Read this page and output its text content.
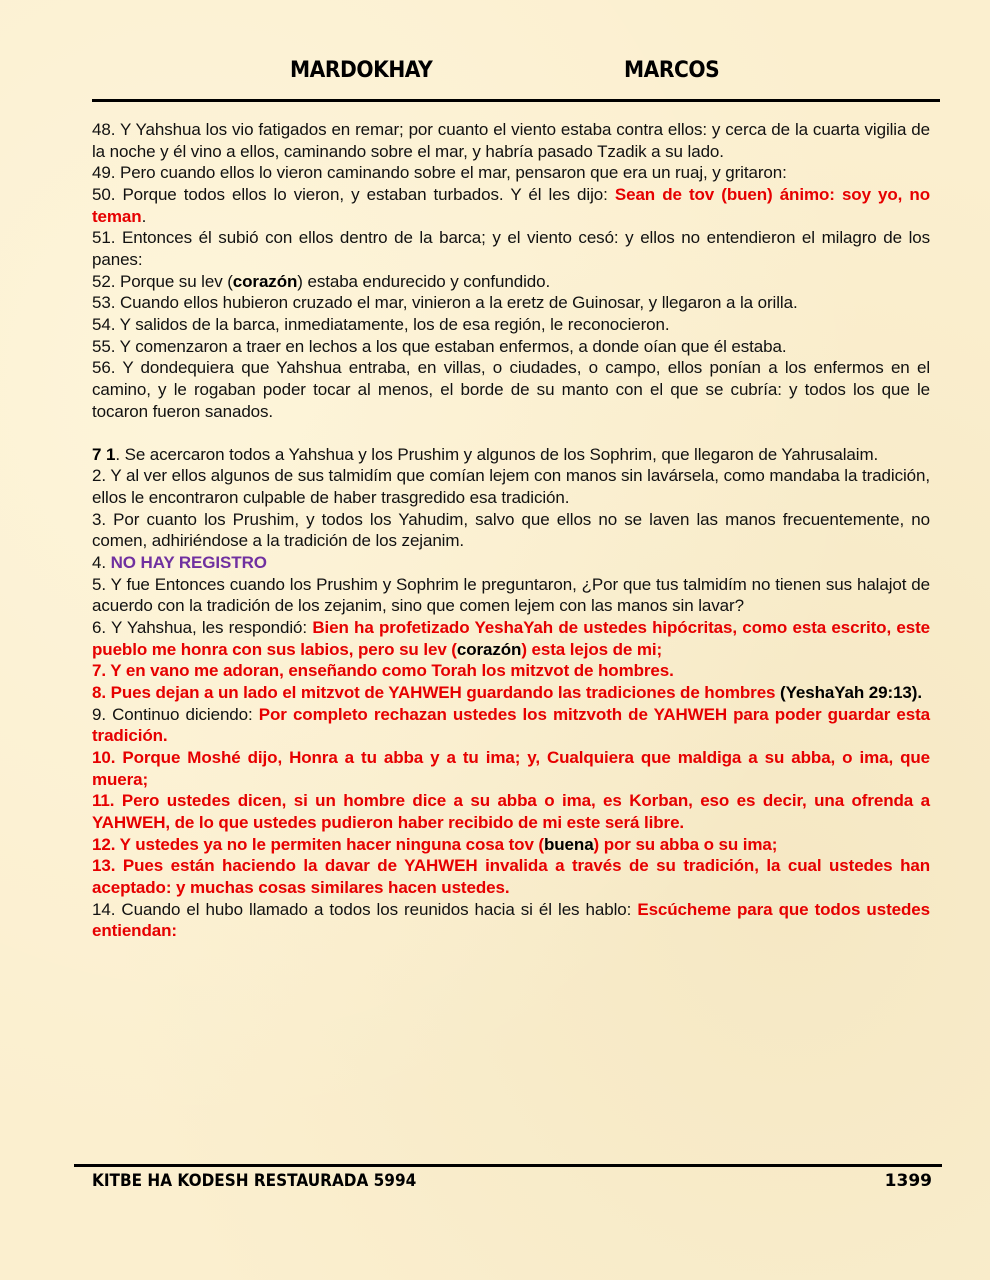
MARDOKHAY	MARCOS

48. Y Yahshua los vio fatigados en remar; por cuanto el viento estaba contra ellos: y cerca de la cuarta vigilia de la noche y él vino a ellos, caminando sobre el mar, y habría pasado Tzadik a su lado.

49. Pero cuando ellos lo vieron caminando sobre el mar, pensaron que era un ruaj, y gritaron:

50. Porque todos ellos lo vieron, y estaban turbados. Y él les dijo: Sean de tov (buen) ánimo: soy yo, no teman.

51. Entonces él subió con ellos dentro de la barca; y el viento cesó: y ellos no entendieron el milagro de los panes:

52. Porque su lev (corazón) estaba endurecido y confundido.

53. Cuando ellos hubieron cruzado el mar, vinieron a la eretz de Guinosar, y llegaron a la orilla.

54. Y salidos de la barca, inmediatamente, los de esa región, le reconocieron.

55. Y comenzaron a traer en lechos a los que estaban enfermos, a donde oían que él estaba.

56. Y dondequiera que Yahshua entraba, en villas, o ciudades, o campo, ellos ponían a los enfermos en el camino, y le rogaban poder tocar al menos, el borde de su manto con el que se cubría: y todos los que le tocaron fueron sanados.

7 1. Se acercaron todos a Yahshua y los Prushim y algunos de los Sophrim, que llegaron de Yahrusalaim.

2. Y al ver ellos algunos de sus talmidím que comían lejem con manos sin lavársela, como mandaba la tradición, ellos le encontraron culpable de haber trasgredido esa tradición.

3. Por cuanto los Prushim, y todos los Yahudim, salvo que ellos no se laven las manos frecuentemente, no comen, adhiriéndose a la tradición de los zejanim.

4. NO HAY REGISTRO

5. Y fue Entonces cuando los Prushim y Sophrim le preguntaron, ¿Por que tus talmidím no tienen sus halajot de acuerdo con la tradición de los zejanim, sino que comen lejem con las manos sin lavar?

6. Y Yahshua, les respondió: Bien ha profetizado YeshaYah de ustedes hipócritas, como esta escrito, este pueblo me honra con sus labios, pero su lev (corazón) esta lejos de mi;

7. Y en vano me adoran, enseñando como Torah los mitzvot de hombres.

8. Pues dejan a un lado el mitzvot de YAHWEH guardando las tradiciones de hombres (YeshaYah 29:13).

9. Continuo diciendo: Por completo rechazan ustedes los mitzvoth de YAHWEH para poder guardar esta tradición.

10. Porque Moshé dijo, Honra a tu abba y a tu ima; y, Cualquiera que maldiga a su abba, o ima, que muera;

11. Pero ustedes dicen, si un hombre dice a su abba o ima, es Korban, eso es decir, una ofrenda a YAHWEH, de lo que ustedes pudieron haber recibido de mi este será libre.

12. Y ustedes ya no le permiten hacer ninguna cosa tov (buena) por su abba o su ima;

13. Pues están haciendo la davar de YAHWEH invalida a través de su tradición, la cual ustedes han aceptado: y muchas cosas similares hacen ustedes.

14. Cuando el hubo llamado a todos los reunidos hacia si él les hablo: Escúcheme para que todos ustedes entiendan:

KITBE HA KODESH RESTAURADA 5994	1399
